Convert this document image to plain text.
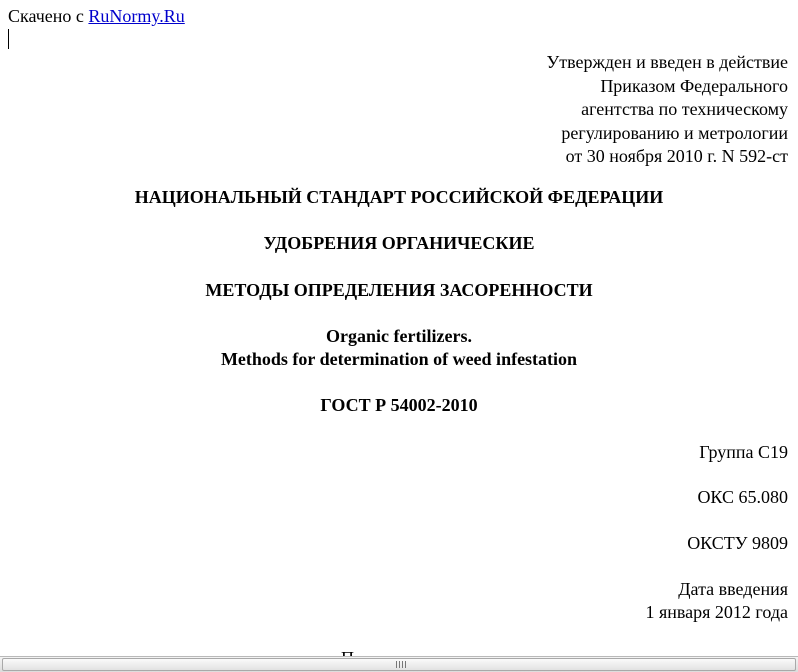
Скачено с RuNormy.Ru
Утвержден и введен в действие
Приказом Федерального
агентства по техническому
регулированию и метрологии
от 30 ноября 2010 г. N 592-ст
НАЦИОНАЛЬНЫЙ СТАНДАРТ РОССИЙСКОЙ ФЕДЕРАЦИИ
УДОБРЕНИЯ ОРГАНИЧЕСКИЕ
МЕТОДЫ ОПРЕДЕЛЕНИЯ ЗАСОРЕННОСТИ
Organic fertilizers.
Methods for determination of weed infestation
ГОСТ Р 54002-2010
Группа С19
ОКС 65.080
ОКСТУ 9809
Дата введения
1 января 2012 года
